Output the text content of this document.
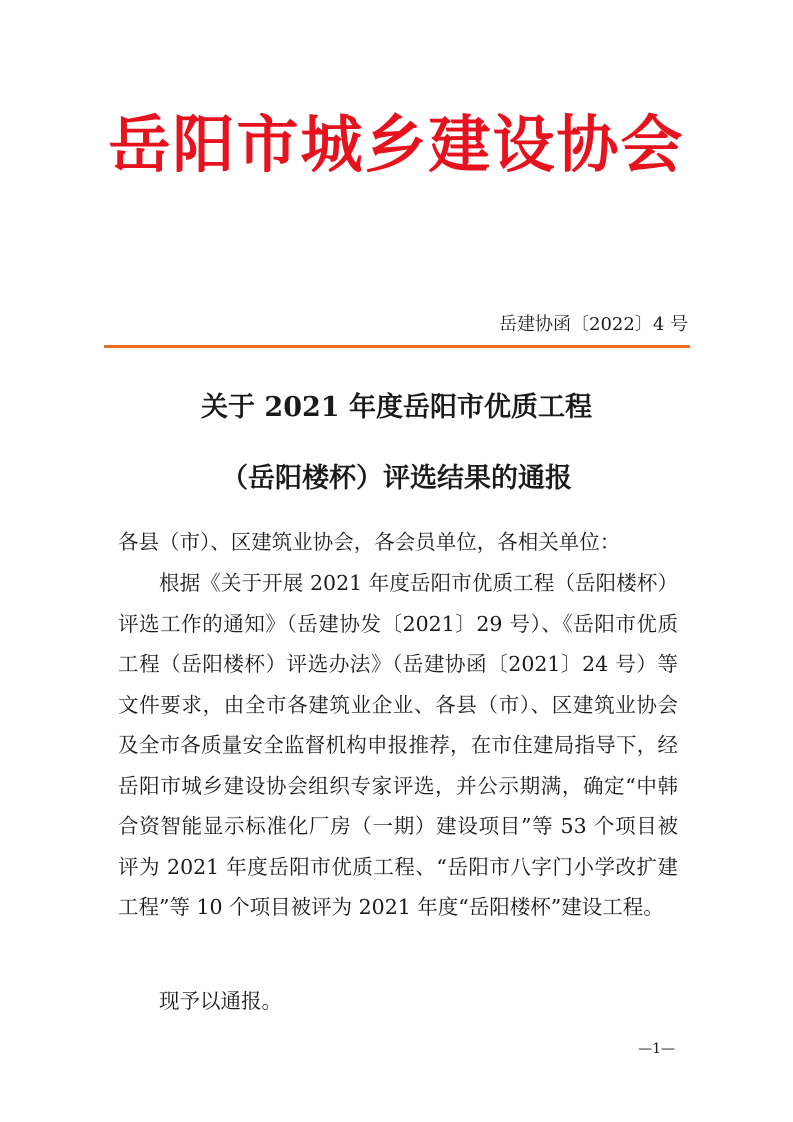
岳阳市城乡建设协会
岳建协函〔2022〕4 号
关于 2021 年度岳阳市优质工程
（岳阳楼杯）评选结果的通报
各县（市）、区建筑业协会，各会员单位，各相关单位：
根据《关于开展 2021 年度岳阳市优质工程（岳阳楼杯）评选工作的通知》（岳建协发〔2021〕29 号）、《岳阳市优质工程（岳阳楼杯）评选办法》（岳建协函〔2021〕24 号）等文件要求，由全市各建筑业企业、各县（市）、区建筑业协会及全市各质量安全监督机构申报推荐，在市住建局指导下，经岳阳市城乡建设协会组织专家评选，并公示期满，确定“中韩合资智能显示标准化厂房（一期）建设项目”等 53 个项目被评为 2021 年度岳阳市优质工程、“岳阳市八字门小学改扩建工程”等 10 个项目被评为 2021 年度“岳阳楼杯”建设工程。
现予以通报。
—1—
